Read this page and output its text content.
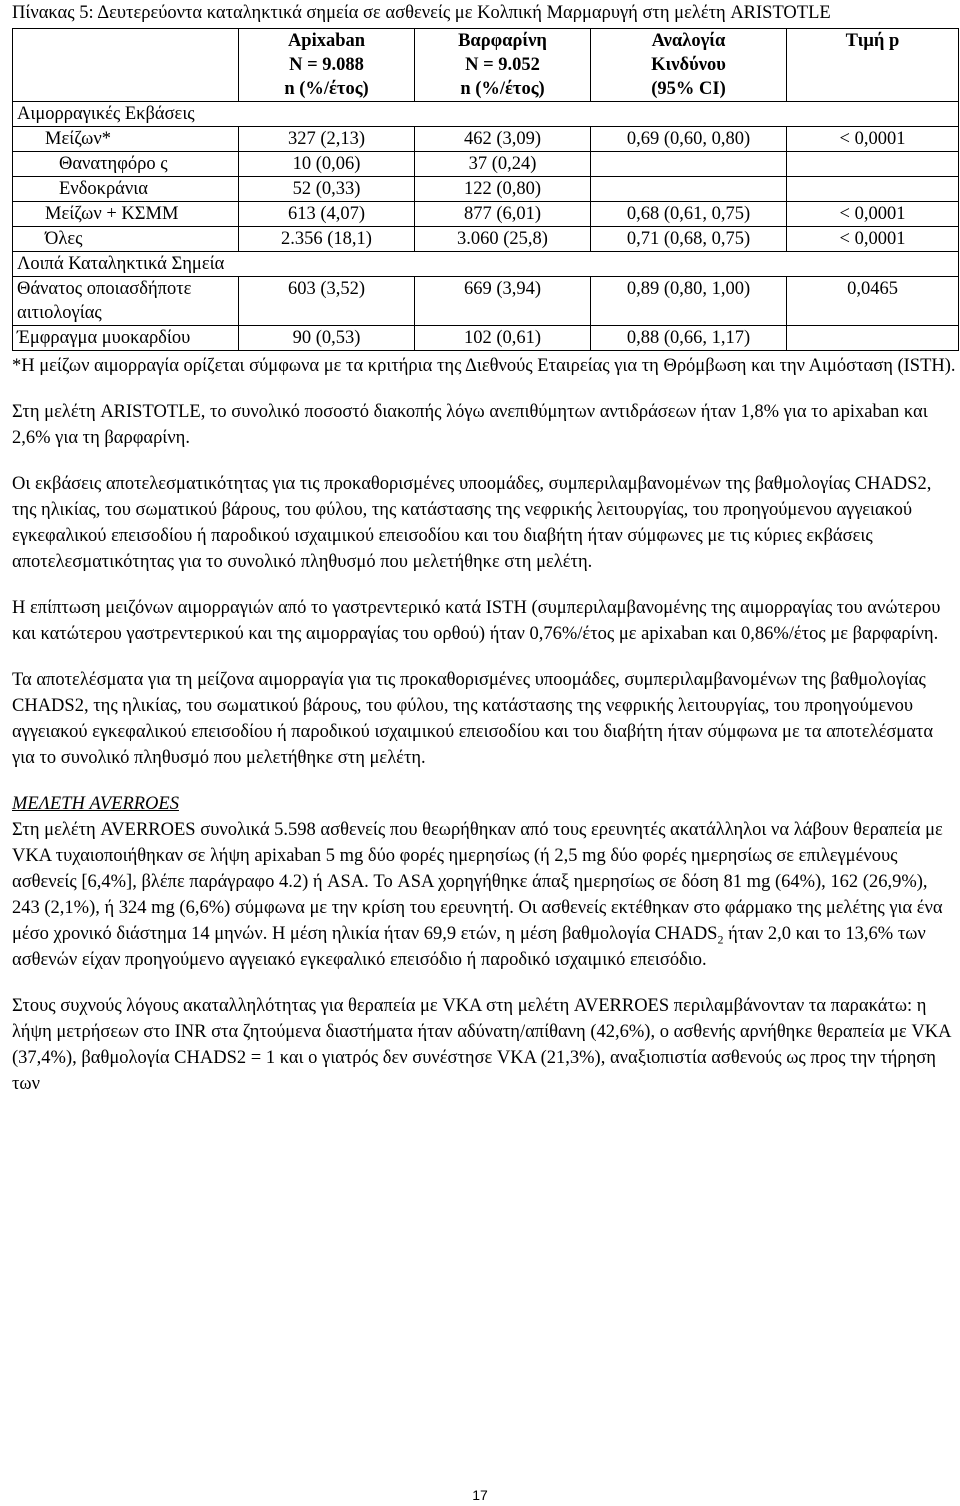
Πίνακας 5: Δευτερεύοντα καταληκτικά σημεία σε ασθενείς με Κολπική Μαρμαρυγή στη μελέτη ARISTOTLE

	Apixaban
N = 9.088
n (%/έτος)	Βαρφαρίνη
N = 9.052
n (%/έτος)	Αναλογία
Κινδύνου
(95% CI)	Τιμή p
Αιμορραγικές Εκβάσεις				
Μείζων*	327 (2,13)	462 (3,09)	0,69 (0,60, 0,80)	< 0,0001
Θανατηφόρο ς	10 (0,06)	37 (0,24)		
Ενδοκράνια	52 (0,33)	122 (0,80)		
Μείζων + ΚΣΜΜ	613 (4,07)	877 (6,01)	0,68 (0,61, 0,75)	< 0,0001
Όλες	2.356 (18,1)	3.060 (25,8)	0,71 (0,68, 0,75)	< 0,0001
Λοιπά Καταληκτικά Σημεία				
Θάνατος οποιασδήποτε αιτιολογίας	603 (3,52)	669 (3,94)	0,89 (0,80, 1,00)	0,0465
Έμφραγμα μυοκαρδίου	90 (0,53)	102 (0,61)	0,88 (0,66, 1,17)	

*Η μείζων αιμορραγία ορίζεται σύμφωνα με τα κριτήρια της Διεθνούς Εταιρείας για τη Θρόμβωση και την Αιμόσταση (ISTH).

Στη μελέτη ARISTOTLE, το συνολικό ποσοστό διακοπής λόγω ανεπιθύμητων αντιδράσεων ήταν 1,8% για το apixaban και 2,6% για τη βαρφαρίνη.

Οι εκβάσεις αποτελεσματικότητας για τις προκαθορισμένες υποομάδες, συμπεριλαμβανομένων της βαθμολογίας CHADS2, της ηλικίας, του σωματικού βάρους, του φύλου, της κατάστασης της νεφρικής λειτουργίας, του προηγούμενου αγγειακού εγκεφαλικού επεισοδίου ή παροδικού ισχαιμικού επεισοδίου και του διαβήτη ήταν σύμφωνες με τις κύριες εκβάσεις αποτελεσματικότητας για το συνολικό πληθυσμό που μελετήθηκε στη μελέτη.

Η επίπτωση μειζόνων αιμορραγιών από το γαστρεντερικό κατά ISTH (συμπεριλαμβανομένης της αιμορραγίας του ανώτερου και κατώτερου γαστρεντερικού και της αιμορραγίας του ορθού) ήταν 0,76%/έτος με apixaban και 0,86%/έτος με βαρφαρίνη.

Τα αποτελέσματα για τη μείζονα αιμορραγία για τις προκαθορισμένες υποομάδες, συμπεριλαμβανομένων της βαθμολογίας CHADS2, της ηλικίας, του σωματικού βάρους, του φύλου, της κατάστασης της νεφρικής λειτουργίας, του προηγούμενου αγγειακού εγκεφαλικού επεισοδίου ή παροδικού ισχαιμικού επεισοδίου και του διαβήτη ήταν σύμφωνα με τα αποτελέσματα για το συνολικό πληθυσμό που μελετήθηκε στη μελέτη.

ΜΕΛΕΤΗ AVERROES

Στη μελέτη AVERROES συνολικά 5.598 ασθενείς που θεωρήθηκαν από τους ερευνητές ακατάλληλοι να λάβουν θεραπεία με VKA τυχαιοποιήθηκαν σε λήψη apixaban 5 mg δύο φορές ημερησίως (ή 2,5 mg δύο φορές ημερησίως σε επιλεγμένους ασθενείς [6,4%], βλέπε παράγραφο 4.2) ή ASA. Το ASA χορηγήθηκε άπαξ ημερησίως σε δόση 81 mg (64%), 162 (26,9%), 243 (2,1%), ή 324 mg (6,6%) σύμφωνα με την κρίση του ερευνητή. Οι ασθενείς εκτέθηκαν στο φάρμακο της μελέτης για ένα μέσο χρονικό διάστημα 14 μηνών. Η μέση ηλικία ήταν 69,9 ετών, η μέση βαθμολογία $CHADS_2$ ήταν 2,0 και το 13,6% των ασθενών είχαν προηγούμενο αγγειακό εγκεφαλικό επεισόδιο ή παροδικό ισχαιμικό επεισόδιο.

Στους συχνούς λόγους ακαταλληλότητας για θεραπεία με VKA στη μελέτη AVERROES περιλαμβάνονταν τα παρακάτω: η λήψη μετρήσεων στο INR στα ζητούμενα διαστήματα ήταν αδύνατη/απίθανη (42,6%), ο ασθενής αρνήθηκε θεραπεία με VKA (37,4%), βαθμολογία CHADS2 = 1 και ο γιατρός δεν συνέστησε VKA (21,3%), αναξιοπιστία ασθενούς ως προς την τήρηση των

17
